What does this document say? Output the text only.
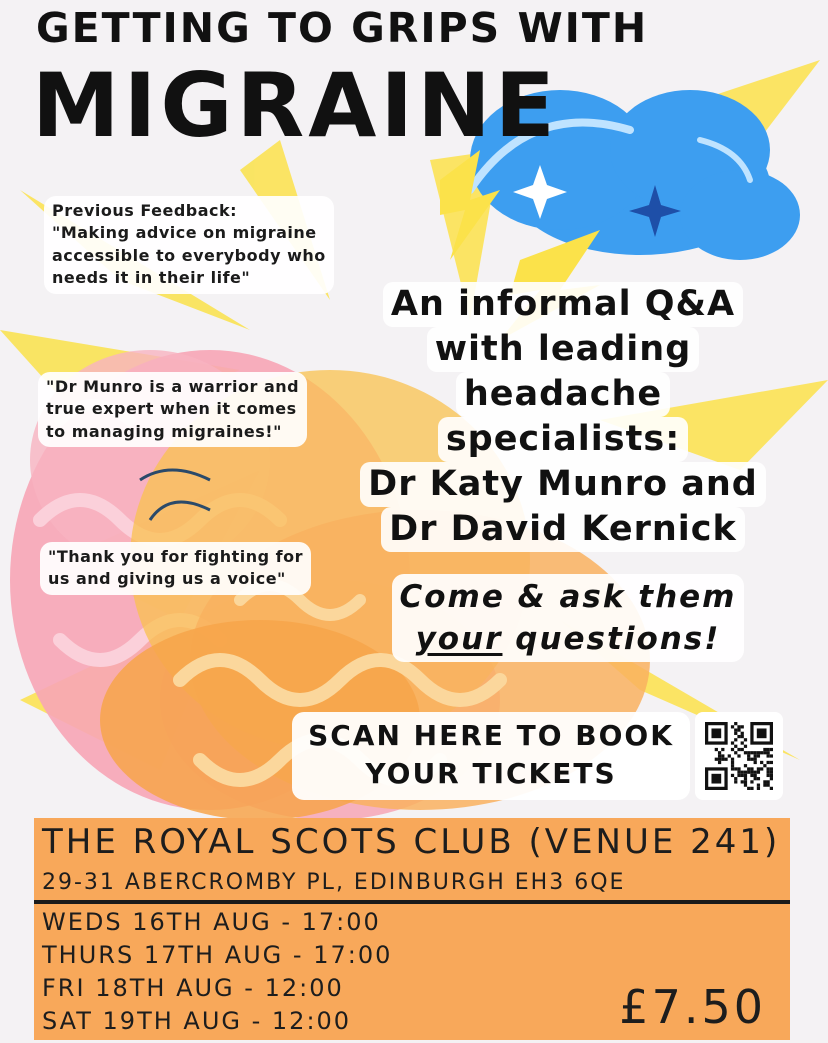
GETTING TO GRIPS WITH
MIGRAINE
Previous Feedback:
"Making advice on migraine
accessible to everybody who
needs it in their life"
"Dr Munro is a warrior and
true expert when it comes
to managing migraines!"
"Thank you for fighting for
us and giving us a voice"
An informal Q&A
with leading
headache
specialists:
Dr Katy Munro and
Dr David Kernick
Come & ask them
your questions!
SCAN HERE TO BOOK
YOUR TICKETS
THE ROYAL SCOTS CLUB (VENUE 241)
29-31 ABERCROMBY PL, EDINBURGH EH3 6QE
WEDS 16TH AUG - 17:00
THURS 17TH AUG - 17:00
FRI 18TH AUG - 12:00
SAT 19TH AUG - 12:00	£7.50
